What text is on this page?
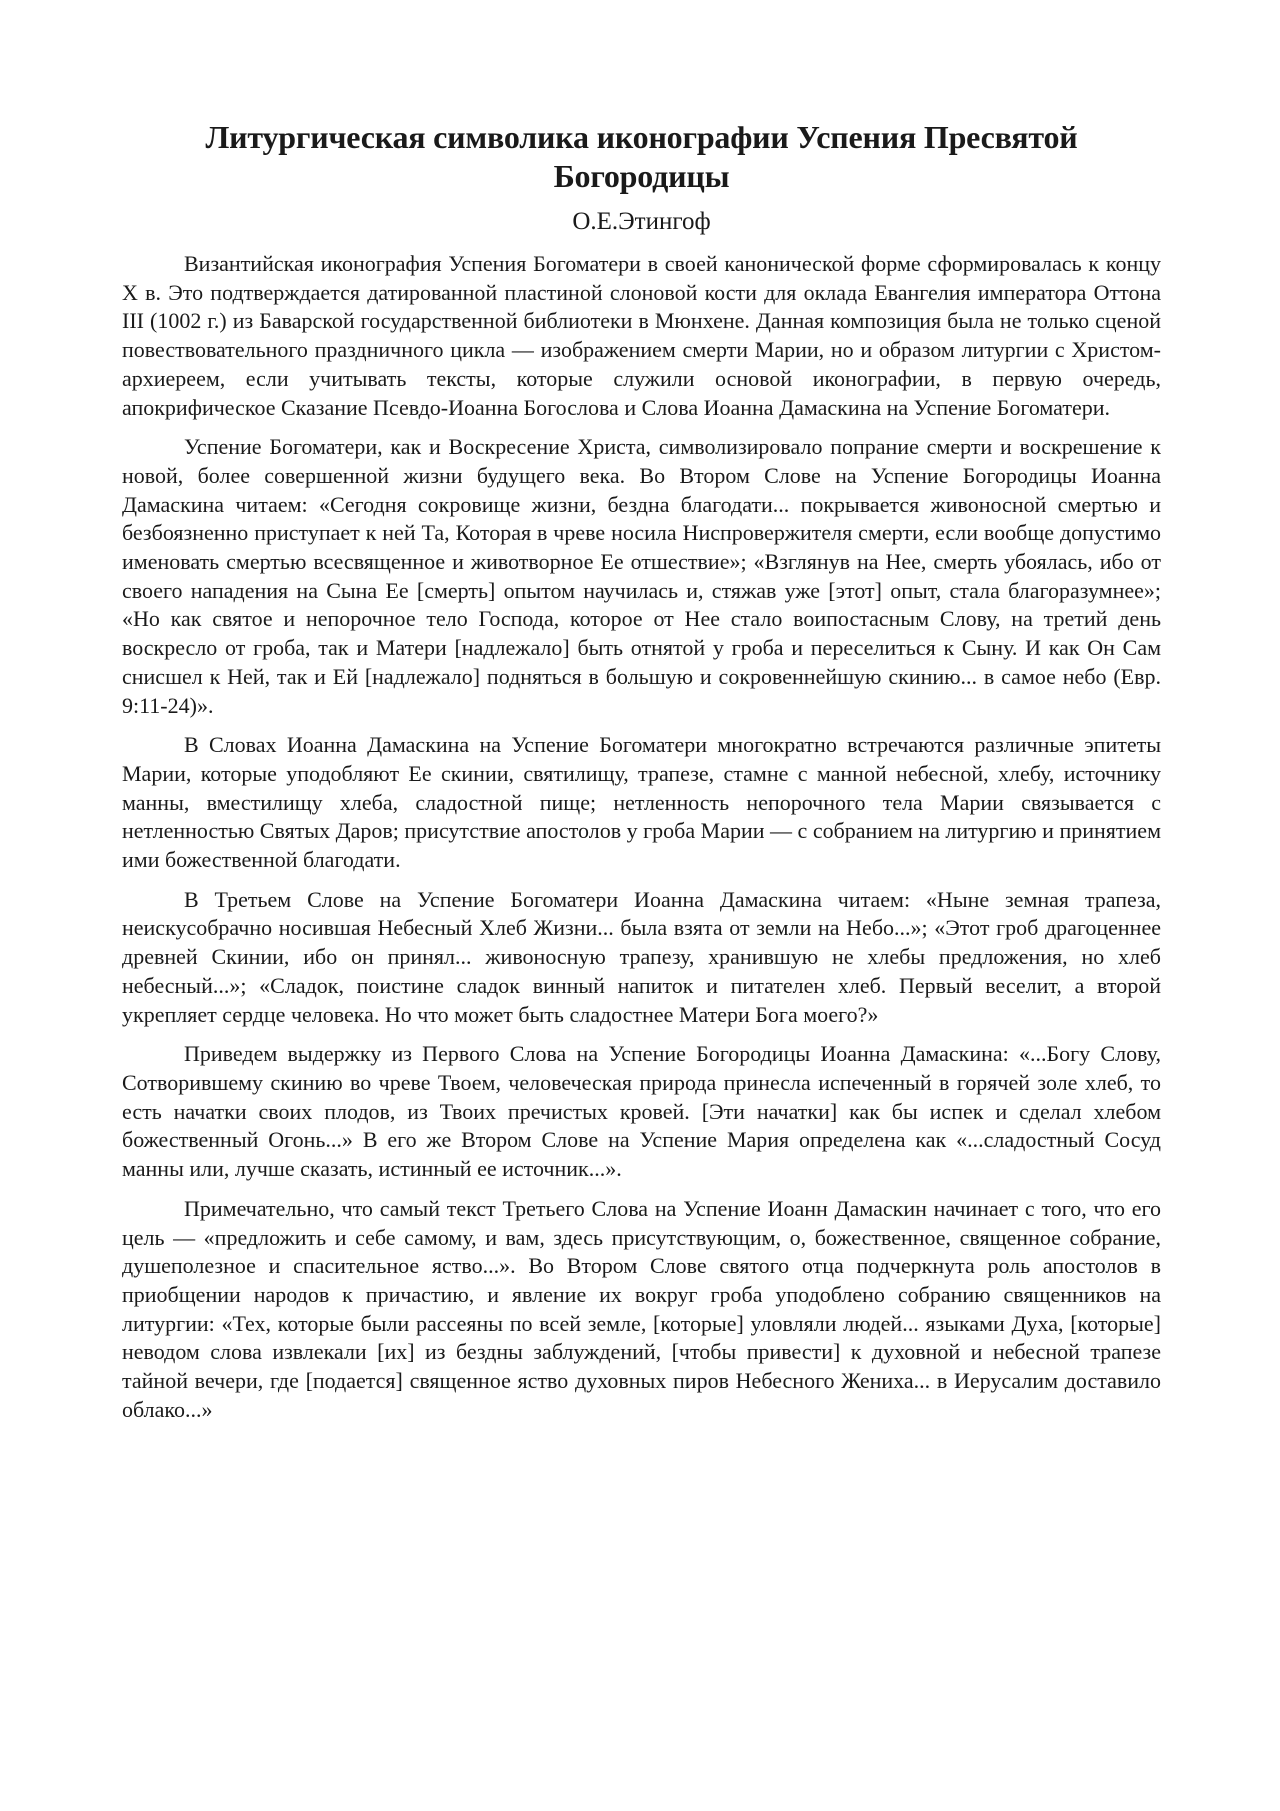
Литургическая символика иконографии Успения Пресвятой Богородицы
О.Е.Этингоф

Византийская иконография Успения Богоматери в своей канонической форме сформировалась к концу X в. Это подтверждается датированной пластиной слоновой кости для оклада Евангелия императора Оттона III (1002 г.) из Баварской государственной библиотеки в Мюнхене. Данная композиция была не только сценой повествовательного праздничного цикла — изображением смерти Марии, но и образом литургии с Христом-архиереем, если учитывать тексты, которые служили основой иконографии, в первую очередь, апокрифическое Сказание Псевдо-Иоанна Богослова и Слова Иоанна Дамаскина на Успение Богоматери.

Успение Богоматери, как и Воскресение Христа, символизировало попрание смерти и воскрешение к новой, более совершенной жизни будущего века. Во Втором Слове на Успение Богородицы Иоанна Дамаскина читаем: «Сегодня сокровище жизни, бездна благодати... покрывается живоносной смертью и безбоязненно приступает к ней Та, Которая в чреве носила Ниспровержителя смерти, если вообще допустимо именовать смертью всесвященное и животворное Ее отшествие»; «Взглянув на Нее, смерть убоялась, ибо от своего нападения на Сына Ее [смерть] опытом научилась и, стяжав уже [этот] опыт, стала благоразумнее»; «Но как святое и непорочное тело Господа, которое от Нее стало воипостасным Слову, на третий день воскресло от гроба, так и Матери [надлежало] быть отнятой у гроба и переселиться к Сыну. И как Он Сам снисшел к Ней, так и Ей [надлежало] подняться в большую и сокровеннейшую скинию... в самое небо (Евр. 9:11-24)».

В Словах Иоанна Дамаскина на Успение Богоматери многократно встречаются различные эпитеты Марии, которые уподобляют Ее скинии, святилищу, трапезе, стамне с манной небесной, хлебу, источнику манны, вместилищу хлеба, сладостной пище; нетленность непорочного тела Марии связывается с нетленностью Святых Даров; присутствие апостолов у гроба Марии — с собранием на литургию и принятием ими божественной благодати.

В Третьем Слове на Успение Богоматери Иоанна Дамаскина читаем: «Ныне земная трапеза, неискусобрачно носившая Небесный Хлеб Жизни... была взята от земли на Небо...»; «Этот гроб драгоценнее древней Скинии, ибо он принял... живоносную трапезу, хранившую не хлебы предложения, но хлеб небесный...»; «Сладок, поистине сладок винный напиток и питателен хлеб. Первый веселит, а второй укрепляет сердце человека. Но что может быть сладостнее Матери Бога моего?»

Приведем выдержку из Первого Слова на Успение Богородицы Иоанна Дамаскина: «...Богу Слову, Сотворившему скинию во чреве Твоем, человеческая природа принесла испеченный в горячей золе хлеб, то есть начатки своих плодов, из Твоих пречистых кровей. [Эти начатки] как бы испек и сделал хлебом божественный Огонь...» В его же Втором Слове на Успение Мария определена как «...сладостный Сосуд манны или, лучше сказать, истинный ее источник...».

Примечательно, что самый текст Третьего Слова на Успение Иоанн Дамаскин начинает с того, что его цель — «предложить и себе самому, и вам, здесь присутствующим, о, божественное, священное собрание, душеполезное и спасительное яство...». Во Втором Слове святого отца подчеркнута роль апостолов в приобщении народов к причастию, и явление их вокруг гроба уподоблено собранию священников на литургии: «Тех, которые были рассеяны по всей земле, [которые] уловляли людей... языками Духа, [которые] неводом слова извлекали [их] из бездны заблуждений, [чтобы привести] к духовной и небесной трапезе тайной вечери, где [подается] священное яство духовных пиров Небесного Жениха... в Иерусалим доставило облако...»
